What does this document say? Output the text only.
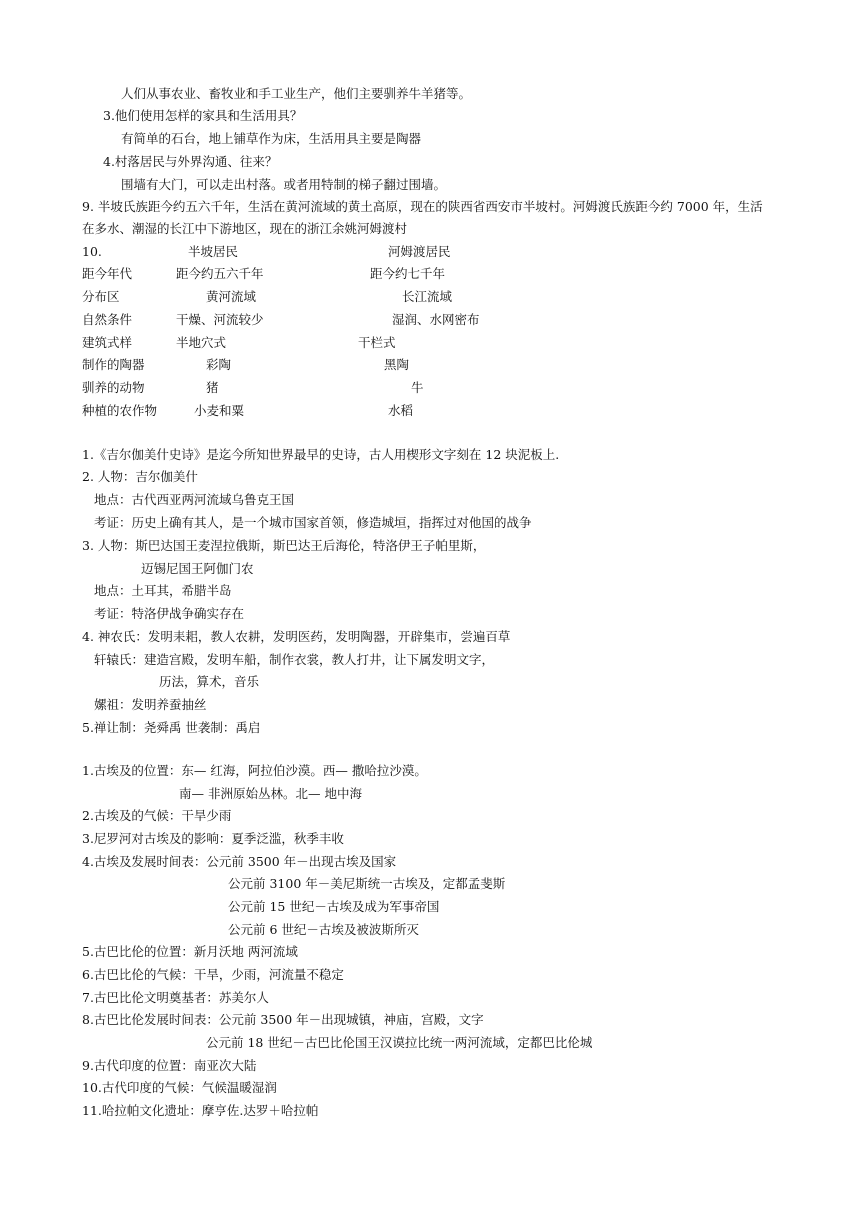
人们从事农业、畜牧业和手工业生产，他们主要驯养牛羊猪等。
3.他们使用怎样的家具和生活用具？
有简单的石台，地上铺草作为床，生活用具主要是陶器
4.村落居民与外界沟通、往来？
围墙有大门，可以走出村落。或者用特制的梯子翻过围墙。
9. 半坡氏族距今约五六千年，生活在黄河流域的黄土高原，现在的陕西省西安市半坡村。河姆渡氏族距今约 7000 年，生活
在多水、潮湿的长江中下游地区，现在的浙江余姚河姆渡村
10.	半坡居民	河姆渡居民
距今年代	距今约五六千年	距今约七千年
分布区	黄河流域	长江流域
自然条件	干燥、河流较少	湿润、水网密布
建筑式样	半地穴式	干栏式
制作的陶器	彩陶	黑陶
驯养的动物	猪	牛
种植的农作物	小麦和粟	水稻
1.《吉尔伽美什史诗》是迄今所知世界最早的史诗，古人用楔形文字刻在 12 块泥板上.
2. 人物：吉尔伽美什
地点：古代西亚两河流域乌鲁克王国
考证：历史上确有其人，是一个城市国家首领，修造城垣，指挥过对他国的战争
3. 人物：斯巴达国王麦涅拉俄斯，斯巴达王后海伦，特洛伊王子帕里斯，
迈锡尼国王阿伽门农
地点：土耳其，希腊半岛
考证：特洛伊战争确实存在
4. 神农氏：发明耒耜，教人农耕，发明医药，发明陶器，开辟集市，尝遍百草
轩辕氏：建造宫殿，发明车船，制作衣裳，教人打井，让下属发明文字，
历法，算术，音乐
嫘祖：发明养蚕抽丝
5.禅让制：尧舜禹 世袭制：禹启
1.古埃及的位置：东— 红海，阿拉伯沙漠。西— 撒哈拉沙漠。
南— 非洲原始丛林。北— 地中海
2.古埃及的气候：干旱少雨
3.尼罗河对古埃及的影响：夏季泛滥，秋季丰收
4.古埃及发展时间表：公元前 3500 年－出现古埃及国家
公元前 3100 年－美尼斯统一古埃及，定都孟斐斯
公元前 15 世纪－古埃及成为军事帝国
公元前 6 世纪－古埃及被波斯所灭
5.古巴比伦的位置：新月沃地 两河流域
6.古巴比伦的气候：干旱，少雨，河流量不稳定
7.古巴比伦文明奠基者：苏美尔人
8.古巴比伦发展时间表：公元前 3500 年－出现城镇，神庙，宫殿，文字
公元前 18 世纪－古巴比伦国王汉谟拉比统一两河流域，定都巴比伦城
9.古代印度的位置：南亚次大陆
10.古代印度的气候：气候温暖湿润
11.哈拉帕文化遗址：摩亨佐.达罗＋哈拉帕
